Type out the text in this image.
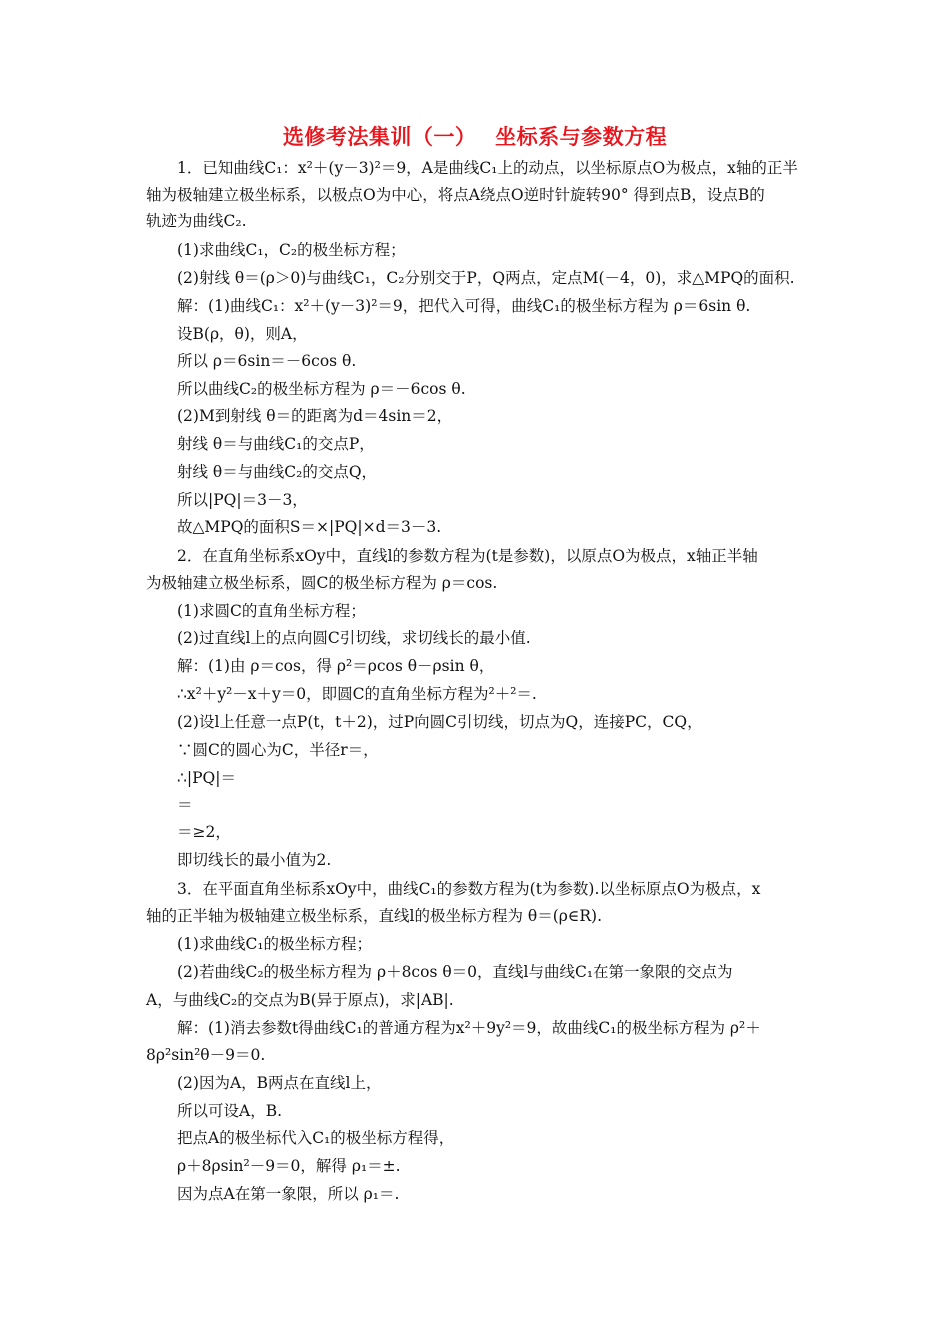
选修考法集训（一）　 坐标系与参数方程
1．已知曲线C₁：x²＋(y－3)²＝9，A是曲线C₁上的动点，以坐标原点O为极点，x轴的正半
轴为极轴建立极坐标系，以极点O为中心，将点A绕点O逆时针旋转90° 得到点B，设点B的
轨迹为曲线C₂.
(1)求曲线C₁，C₂的极坐标方程；
(2)射线 θ＝(ρ＞0)与曲线C₁，C₂分别交于P，Q两点，定点M(－4，0)，求△MPQ的面积.
解：(1)曲线C₁：x²＋(y－3)²＝9，把代入可得，曲线C₁的极坐标方程为 ρ＝6sin θ.
设B(ρ，θ)，则A，
所以 ρ＝6sin＝－6cos θ.
所以曲线C₂的极坐标方程为 ρ＝－6cos θ.
(2)M到射线 θ＝的距离为d＝4sin＝2，
射线 θ＝与曲线C₁的交点P，
射线 θ＝与曲线C₂的交点Q，
所以|PQ|＝3－3，
故△MPQ的面积S＝×|PQ|×d＝3－3.
2．在直角坐标系xOy中，直线l的参数方程为(t是参数)，以原点O为极点，x轴正半轴
为极轴建立极坐标系，圆C的极坐标方程为 ρ＝cos.
(1)求圆C的直角坐标方程；
(2)过直线l上的点向圆C引切线，求切线长的最小值.
解：(1)由 ρ＝cos，得 ρ²＝ρcos θ－ρsin θ，
∴x²＋y²－x＋y＝0，即圆C的直角坐标方程为²＋²＝.
(2)设l上任意一点P(t，t＋2)，过P向圆C引切线，切点为Q，连接PC，CQ，
∵圆C的圆心为C，半径r＝，
∴|PQ|＝
＝
＝≥2，
即切线长的最小值为2.
3．在平面直角坐标系xOy中，曲线C₁的参数方程为(t为参数).以坐标原点O为极点，x
轴的正半轴为极轴建立极坐标系，直线l的极坐标方程为 θ＝(ρ∈R).
(1)求曲线C₁的极坐标方程；
(2)若曲线C₂的极坐标方程为 ρ＋8cos θ＝0，直线l与曲线C₁在第一象限的交点为
A，与曲线C₂的交点为B(异于原点)，求|AB|.
解：(1)消去参数t得曲线C₁的普通方程为x²＋9y²＝9，故曲线C₁的极坐标方程为 ρ²＋
8ρ²sin²θ－9＝0.
(2)因为A，B两点在直线l上，
所以可设A，B.
把点A的极坐标代入C₁的极坐标方程得，
ρ＋8ρsin²－9＝0，解得 ρ₁＝±.
因为点A在第一象限，所以 ρ₁＝.
